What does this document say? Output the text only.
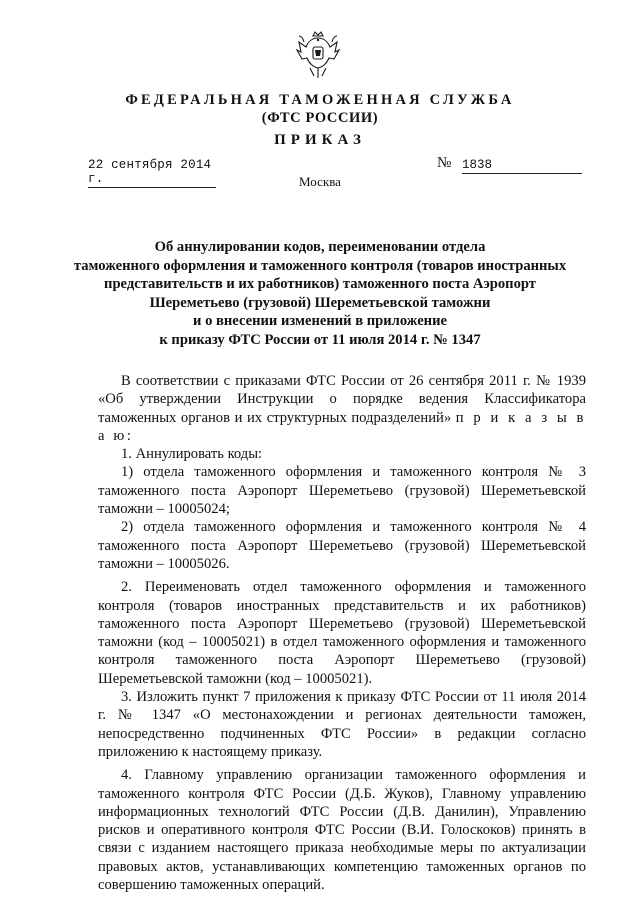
ФЕДЕРАЛЬНАЯ ТАМОЖЕННАЯ СЛУЖБА
(ФТС РОССИИ)
ПРИКАЗ
22 сентября 2014 г.
№ 1838
Москва
Об аннулировании кодов, переименовании отдела
таможенного оформления и таможенного контроля (товаров иностранных
представительств и их работников) таможенного поста Аэропорт
Шереметьево (грузовой) Шереметьевской таможни
и о внесении изменений в приложение
к приказу ФТС России от 11 июля 2014 г. № 1347

В соответствии с приказами ФТС России от 26 сентября 2011 г. № 1939 «Об утверждении Инструкции о порядке ведения Классификатора таможенных органов и их структурных подразделений» п р и к а з ы в а ю:

1. Аннулировать коды:

1) отдела таможенного оформления и таможенного контроля № 3 таможенного поста Аэропорт Шереметьево (грузовой) Шереметьевской таможни – 10005024;

2) отдела таможенного оформления и таможенного контроля № 4 таможенного поста Аэропорт Шереметьево (грузовой) Шереметьевской таможни – 10005026.

2. Переименовать отдел таможенного оформления и таможенного контроля (товаров иностранных представительств и их работников) таможенного поста Аэропорт Шереметьево (грузовой) Шереметьевской таможни (код – 10005021) в отдел таможенного оформления и таможенного контроля таможенного поста Аэропорт Шереметьево (грузовой) Шереметьевской таможни (код – 10005021).

3. Изложить пункт 7 приложения к приказу ФТС России от 11 июля 2014 г. № 1347 «О местонахождении и регионах деятельности таможен, непосредственно подчиненных ФТС России» в редакции согласно приложению к настоящему приказу.

4. Главному управлению организации таможенного оформления и таможенного контроля ФТС России (Д.Б. Жуков), Главному управлению информационных технологий ФТС России (Д.В. Данилин), Управлению рисков и оперативного контроля ФТС России (В.И. Голоскоков) принять в связи с изданием настоящего приказа необходимые меры по актуализации правовых актов, устанавливающих компетенцию таможенных органов по совершению таможенных операций.
